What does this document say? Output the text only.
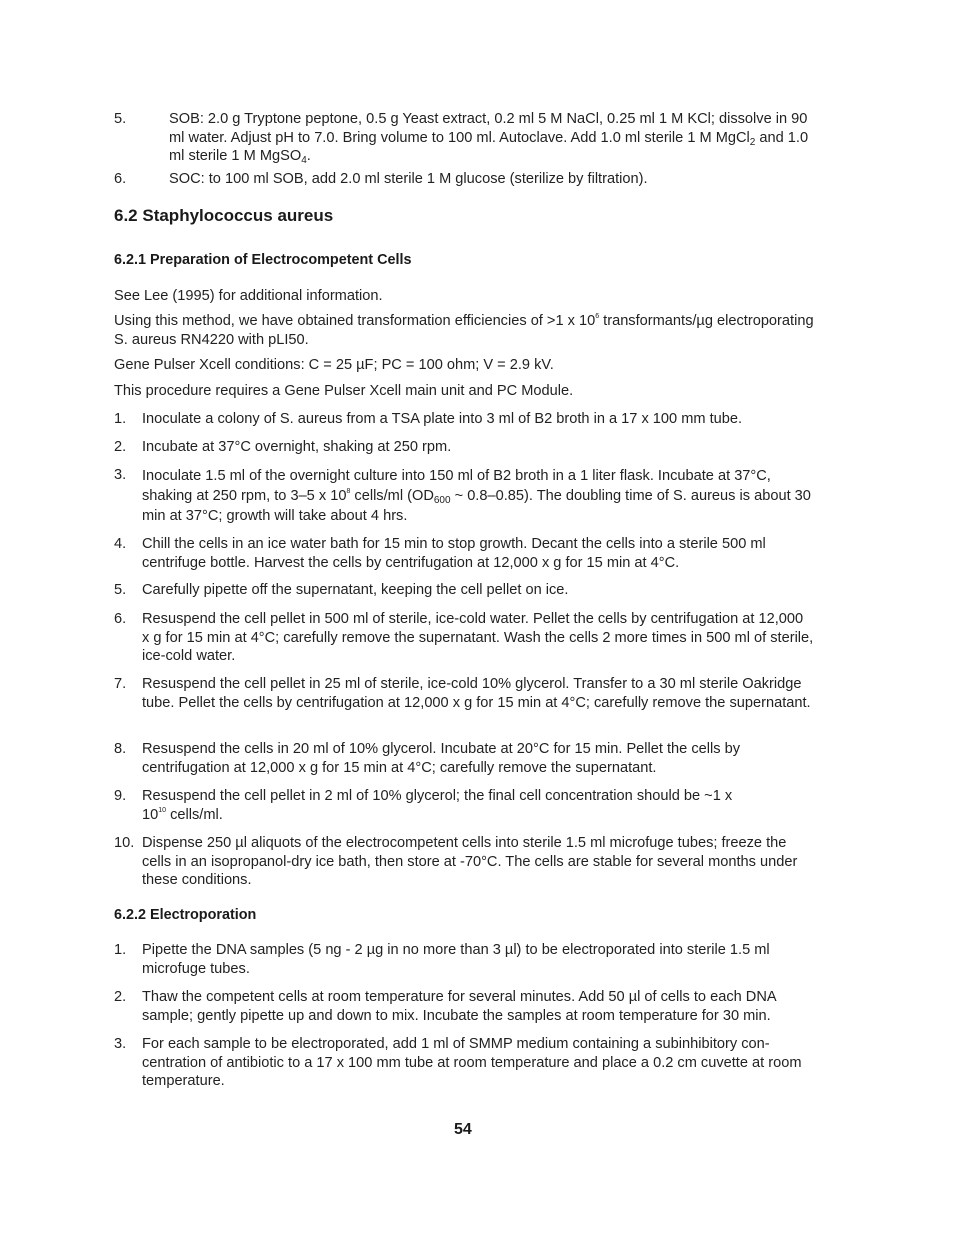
5.	SOB: 2.0 g Tryptone peptone, 0.5 g Yeast extract, 0.2 ml 5 M NaCl, 0.25 ml 1 M KCl; dissolve in 90 ml water. Adjust pH to 7.0. Bring volume to 100 ml. Autoclave. Add 1.0 ml sterile 1 M MgCl$_2$ and 1.0 ml sterile 1 M MgSO$_4$.
6.	SOC: to 100 ml SOB, add 2.0 ml sterile 1 M glucose (sterilize by filtration).
6.2 Staphylococcus aureus
6.2.1 Preparation of Electrocompetent Cells
See Lee (1995) for additional information.
Using this method, we have obtained transformation efficiencies of >1 x $10^6$ transformants/µg electroporating S. aureus RN4220 with pLI50.
Gene Pulser Xcell conditions: C = 25 µF; PC = 100 ohm; V = 2.9 kV.
This procedure requires a Gene Pulser Xcell main unit and PC Module.
1. Inoculate a colony of S. aureus from a TSA plate into 3 ml of B2 broth in a 17 x 100 mm tube.
2. Incubate at 37°C overnight, shaking at 250 rpm.
3. Inoculate 1.5 ml of the overnight culture into 150 ml of B2 broth in a 1 liter flask. Incubate at 37°C, shaking at 250 rpm, to 3–5 x $10^8$ cells/ml ($OD_{600}$ ~ 0.8–0.85). The doubling time of S. aureus is about 30 min at 37°C; growth will take about 4 hrs.
4. Chill the cells in an ice water bath for 15 min to stop growth. Decant the cells into a sterile 500 ml centrifuge bottle. Harvest the cells by centrifugation at 12,000 x g for 15 min at 4°C.
5. Carefully pipette off the supernatant, keeping the cell pellet on ice.
6. Resuspend the cell pellet in 500 ml of sterile, ice-cold water. Pellet the cells by centrifugation at 12,000 x g for 15 min at 4°C; carefully remove the supernatant. Wash the cells 2 more times in 500 ml of sterile, ice-cold water.
7. Resuspend the cell pellet in 25 ml of sterile, ice-cold 10% glycerol. Transfer to a 30 ml sterile Oakridge tube. Pellet the cells by centrifugation at 12,000 x g for 15 min at 4°C; carefully remove the supernatant.
8. Resuspend the cells in 20 ml of 10% glycerol. Incubate at 20°C for 15 min. Pellet the cells by centrifugation at 12,000 x g for 15 min at 4°C; carefully remove the supernatant.
9. Resuspend the cell pellet in 2 ml of 10% glycerol; the final cell concentration should be ~1 x $10^{10}$ cells/ml.
10. Dispense 250 µl aliquots of the electrocompetent cells into sterile 1.5 ml microfuge tubes; freeze the cells in an isopropanol-dry ice bath, then store at -70°C. The cells are stable for several months under these conditions.
6.2.2 Electroporation
1. Pipette the DNA samples (5 ng - 2 µg in no more than 3 µl) to be electroporated into sterile 1.5 ml microfuge tubes.
2. Thaw the competent cells at room temperature for several minutes. Add 50 µl of cells to each DNA sample; gently pipette up and down to mix. Incubate the samples at room temperature for 30 min.
3. For each sample to be electroporated, add 1 ml of SMMP medium containing a subinhibitory con-centration of antibiotic to a 17 x 100 mm tube at room temperature and place a 0.2 cm cuvette at room temperature.
54
